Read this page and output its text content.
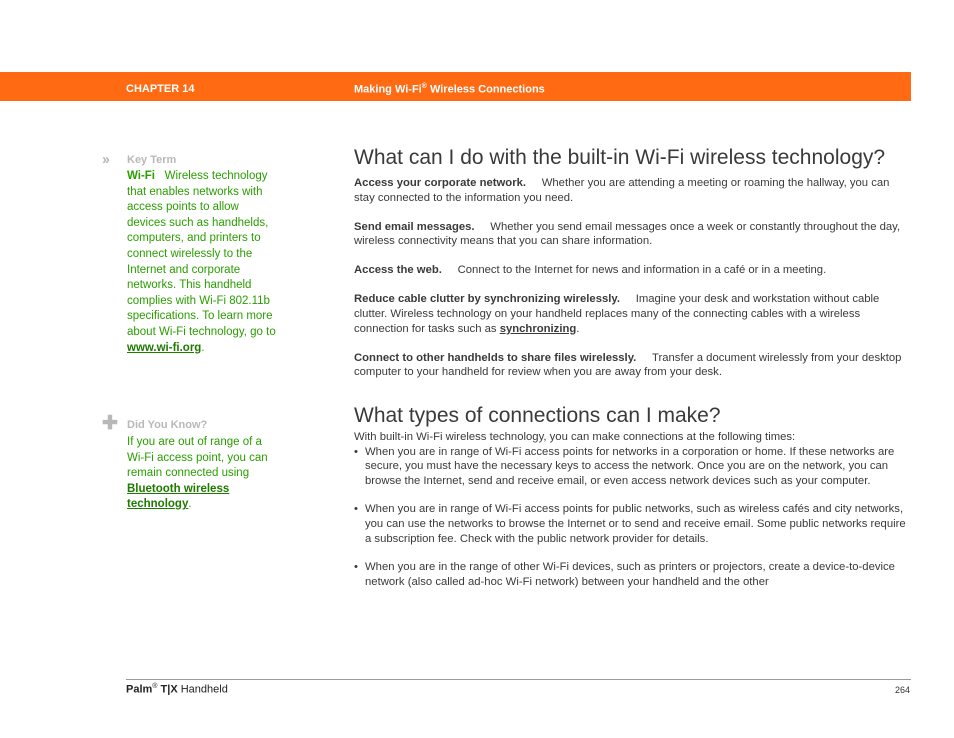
CHAPTER 14	Making Wi-Fi® Wireless Connections
›› Key Term
Wi-Fi Wireless technology that enables networks with access points to allow devices such as handhelds, computers, and printers to connect wirelessly to the Internet and corporate networks. This handheld complies with Wi-Fi 802.11b specifications. To learn more about Wi-Fi technology, go to www.wi-fi.org.
✚ Did You Know?
If you are out of range of a Wi-Fi access point, you can remain connected using Bluetooth wireless technology.
What can I do with the built-in Wi-Fi wireless technology?
Access your corporate network. Whether you are attending a meeting or roaming the hallway, you can stay connected to the information you need.
Send email messages. Whether you send email messages once a week or constantly throughout the day, wireless connectivity means that you can share information.
Access the web. Connect to the Internet for news and information in a café or in a meeting.
Reduce cable clutter by synchronizing wirelessly. Imagine your desk and workstation without cable clutter. Wireless technology on your handheld replaces many of the connecting cables with a wireless connection for tasks such as synchronizing.
Connect to other handhelds to share files wirelessly. Transfer a document wirelessly from your desktop computer to your handheld for review when you are away from your desk.
What types of connections can I make?

With built-in Wi-Fi wireless technology, you can make connections at the following times:

• When you are in range of Wi-Fi access points for networks in a corporation or home. If these networks are secure, you must have the necessary keys to access the network. Once you are on the network, you can browse the Internet, send and receive email, or even access network devices such as your computer.
• When you are in range of Wi-Fi access points for public networks, such as wireless cafés and city networks, you can use the networks to browse the Internet or to send and receive email. Some public networks require a subscription fee. Check with the public network provider for details.
• When you are in the range of other Wi-Fi devices, such as printers or projectors, create a device-to-device network (also called ad-hoc Wi-Fi network) between your handheld and the other
Palm® T|X Handheld	264
